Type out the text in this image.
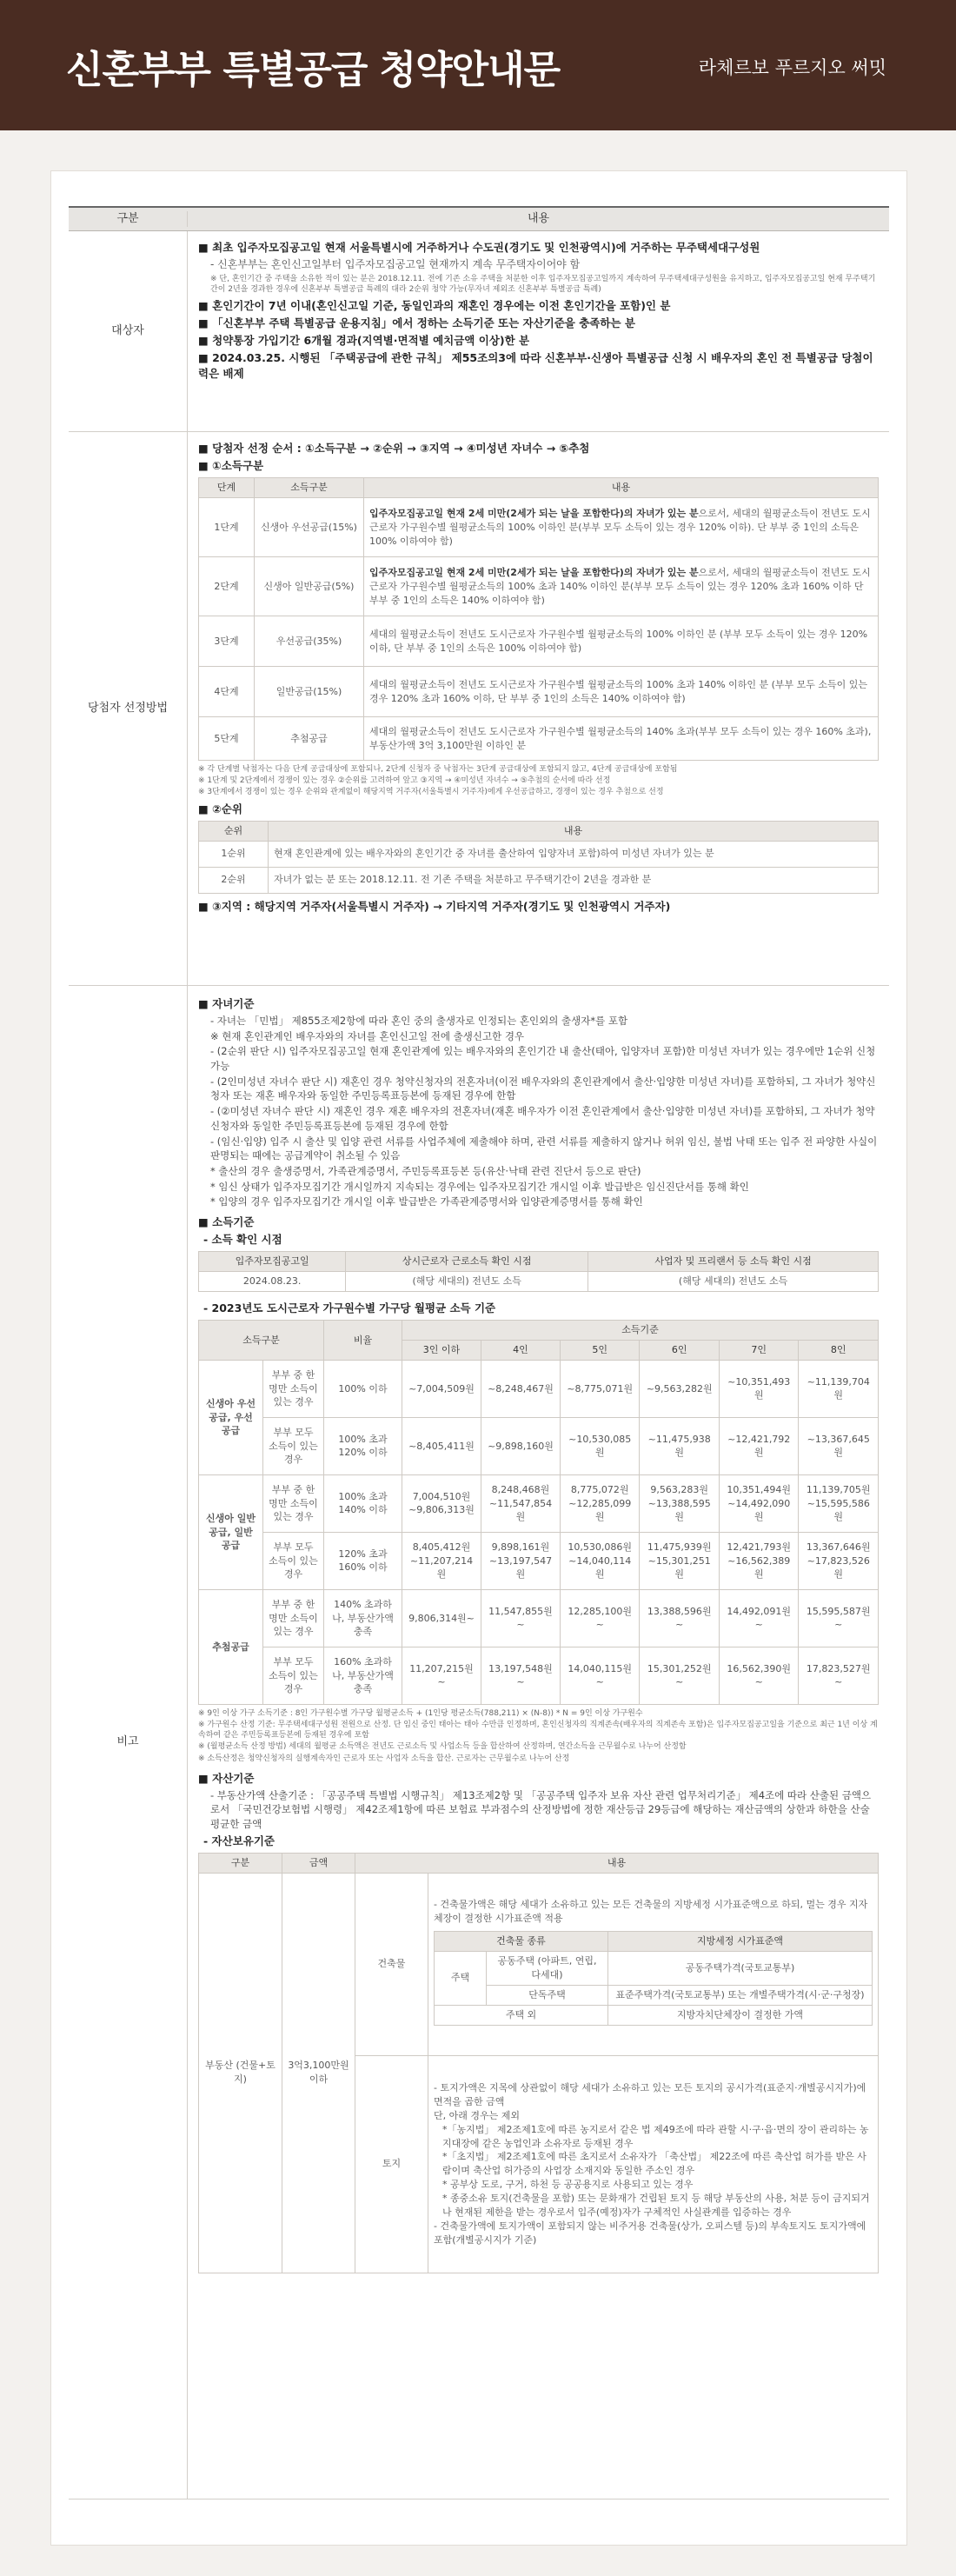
신혼부부 특별공급 청약안내문	라체르보 푸르지오 써밋
구분	내용
대상자
■ 최초 입주자모집공고일 현재 서울특별시에 거주하거나 수도권(경기도 및 인천광역시)에 거주하는 무주택세대구성원
- 신혼부부는 혼인신고일부터 입주자모집공고일 현재까지 계속 무주택자이어야 함
※ 단, 혼인기간 중 주택을 소유한 적이 있는 분은 2018.12.11. 전에 기존 소유 주택을 처분한 이후 입주자모집공고일까지 계속하여 무주택세대구성원을 유지하고, 입주자모집공고일 현재 무주택기간이 2년을 경과한 경우에 신혼부부 특별공급 특례의 대라 2순위 청약 가능(무자녀 제외조 신혼부부 특별공급 특례)
■ 혼인기간이 7년 이내(혼인신고일 기준, 동일인과의 재혼인 경우에는 이전 혼인기간을 포함)인 분
■ 「신혼부부 주택 특별공급 운용지침」에서 정하는 소득기준 또는 자산기준을 충족하는 분
■ 청약통장 가입기간 6개월 경과(지역별·면적별 예치금액 이상)한 분
■ 2024.03.25. 시행된 「주택공급에 관한 규칙」 제55조의3에 따라 신혼부부·신생아 특별공급 신청 시 배우자의 혼인 전 특별공급 당첨이력은 배제
당첨자 선정방법
■ 당첨자 선정 순서 : ①소득구분 → ②순위 → ③지역 → ④미성년 자녀수 → ⑤추첨
■ ①소득구분
단계	소득구분	내용
1단계	신생아 우선공급(15%)	입주자모집공고일 현재 2세 미만(2세가 되는 날을 포함한다)의 자녀가 있는 분으로서, 세대의 월평균소득이 전년도 도시근로자 가구원수별 월평균소득의 100% 이하인 분(부부 모두 소득이 있는 경우 120% 이하). 단 부부 중 1인의 소득은 100% 이하여야 함)
2단계	신생아 일반공급(5%)	입주자모집공고일 현재 2세 미만(2세가 되는 날을 포함한다)의 자녀가 있는 분으로서, 세대의 월평균소득이 전년도 도시근로자 가구원수별 월평균소득의 100% 초과 140% 이하인 분(부부 모두 소득이 있는 경우 120% 초과 160% 이하 단 부부 중 1인의 소득은 140% 이하여야 함)
3단계	우선공급(35%)	세대의 월평균소득이 전년도 도시근로자 가구원수별 월평균소득의 100% 이하인 분 (부부 모두 소득이 있는 경우 120% 이하, 단 부부 중 1인의 소득은 100% 이하여야 함)
4단계	일반공급(15%)	세대의 월평균소득이 전년도 도시근로자 가구원수별 월평균소득의 100% 초과 140% 이하인 분 (부부 모두 소득이 있는 경우 120% 초과 160% 이하, 단 부부 중 1인의 소득은 140% 이하여야 함)
5단계	추첨공급	세대의 월평균소득이 전년도 도시근로자 가구원수별 월평균소득의 140% 초과(부부 모두 소득이 있는 경우 160% 초과), 부동산가액 3억 3,100만원 이하인 분
※ 각 단계별 낙첨자는 다음 단계 공급대상에 포함되나, 2단계 신청자 중 낙첨자는 3단계 공급대상에 포함되지 않고, 4단계 공급대상에 포함됨
※ 1단계 및 2단계에서 경쟁이 있는 경우 ②순위를 고려하여 앞고 ③지역 → ④미성년 자녀수 → ⑤추첨의 순서에 따라 선정
※ 3단계에서 경쟁이 있는 경우 순위와 관계없이 해당지역 거주자(서울특별시 거주자)에게 우선공급하고, 경쟁이 있는 경우 추첨으로 선정
■ ②순위
순위	내용
1순위	현재 혼인관계에 있는 배우자와의 혼인기간 중 자녀를 출산하여 입양자녀 포함)하여 미성년 자녀가 있는 분
2순위	자녀가 없는 분 또는 2018.12.11. 전 기존 주택을 처분하고 무주택기간이 2년을 경과한 분
■ ③지역 : 해당지역 거주자(서울특별시 거주자) → 기타지역 거주자(경기도 및 인천광역시 거주자)
비고
■ 자녀기준
- 자녀는 「민법」 제855조제2항에 따라 혼인 중의 출생자로 인정되는 혼인외의 출생자*를 포함
※ 현재 혼인관계인 배우자와의 자녀를 혼인신고일 전에 출생신고한 경우
- (2순위 판단 시) 입주자모집공고일 현재 혼인관계에 있는 배우자와의 혼인기간 내 출산(태아, 입양자녀 포함)한 미성년 자녀가 있는 경우에만 1순위 신청가능
- (2인미성년 자녀수 판단 시) 재혼인 경우 청약신청자의 전혼자녀(이전 배우자와의 혼인관계에서 출산·입양한 미성년 자녀)를 포함하되, 그 자녀가 청약신청자 또는 재혼 배우자와 동일한 주민등록표등본에 등재된 경우에 한함
- (②미성년 자녀수 판단 시) 재혼인 경우 재혼 배우자의 전혼자녀(재혼 배우자가 이전 혼인관계에서 출산·입양한 미성년 자녀)를 포함하되, 그 자녀가 청약신청자와 동일한 주민등록표등본에 등재된 경우에 한함
- (임신·입양) 입주 시 출산 및 입양 관련 서류를 사업주체에 제출해야 하며, 관련 서류를 제출하지 않거나 허위 임신, 불법 낙태 또는 입주 전 파양한 사실이 판명되는 때에는 공급계약이 취소될 수 있음
* 출산의 경우 출생증명서, 가족관계증명서, 주민등록표등본 등(유산·낙태 관련 진단서 등으로 판단)
* 임신 상태가 입주자모집기간 개시일까지 지속되는 경우에는 입주자모집기간 개시일 이후 발급받은 임신진단서를 통해 확인
* 입양의 경우 입주자모집기간 개시일 이후 발급받은 가족관계증명서와 입양관계증명서를 통해 확인
■ 소득기준
- 소득 확인 시점
입주자모집공고일	상시근로자 근로소득 확인 시점	사업자 및 프리랜서 등 소득 확인 시점
2024.08.23.	(해당 세대의) 전년도 소득	(해당 세대의) 전년도 소득
- 2023년도 도시근로자 가구원수별 가구당 월평균 소득 기준
소득구분		비율	소득기준					
			3인 이하	4인	5인	6인	7인	8인
신생아 우선공급, 우선공급	부부 중 한 명만 소득이 있는 경우	100% 이하	~7,004,509원	~8,248,467원	~8,775,071원	~9,563,282원	~10,351,493원	~11,139,704원
	부부 모두 소득이 있는 경우	100% 초과 120% 이하	~8,405,411원	~9,898,160원	~10,530,085원	~11,475,938원	~12,421,792원	~13,367,645원
신생아 일반공급, 일반공급	부부 중 한 명만 소득이 있는 경우	100% 초과 140% 이하	7,004,510원 ~9,806,313원	8,248,468원 ~11,547,854원	8,775,072원 ~12,285,099원	9,563,283원 ~13,388,595원	10,351,494원 ~14,492,090원	11,139,705원 ~15,595,586원
	부부 모두 소득이 있는 경우	120% 초과 160% 이하	8,405,412원 ~11,207,214원	9,898,161원 ~13,197,547원	10,530,086원 ~14,040,114원	11,475,939원 ~15,301,251원	12,421,793원 ~16,562,389원	13,367,646원 ~17,823,526원
추첨공급	부부 중 한 명만 소득이 있는 경우	140% 초과하나, 부동산가액 충족	9,806,314원~	11,547,855원~	12,285,100원~	13,388,596원~	14,492,091원~	15,595,587원~
	부부 모두 소득이 있는 경우	160% 초과하나, 부동산가액 충족	11,207,215원~	13,197,548원~	14,040,115원~	15,301,252원~	16,562,390원~	17,823,527원~
※ 9인 이상 가구 소득기준 : 8인 가구원수별 가구당 월평균소득 + (1인당 평균소득(788,211) × (N-8)) * N = 9인 이상 가구원수
※ 가구원수 산정 기준: 무주택세대구성원 전원으로 산정. 단 임신 중인 태아는 태아 수만큼 인정하며, 혼인신청자의 직계존속(배우자의 직계존속 포함)은 입주자모집공고일을 기준으로 최근 1년 이상 계속하여 같은 주민등록표등본에 등재된 경우에 포함
※ (월평균소득 산정 방법) 세대의 월평균 소득액은 전년도 근로소득 및 사업소득 등을 합산하여 산정하며, 연간소득을 근무월수로 나누어 산정함
※ 소득산정은 청약신청자의 실행계속자인 근로자 또는 사업자 소득을 합산. 근로자는 근무월수로 나누어 산정
■ 자산기준
- 부동산가액 산출기준 : 「공공주택 특별법 시행규칙」 제13조제2항 및 「공공주택 입주자 보유 자산 관련 업무처리기준」 제4조에 따라 산출된 금액으로서 「국민건강보험법 시행령」 제42조제1항에 따른 보험료 부과점수의 산정방법에 정한 재산등급 29등급에 해당하는 재산금액의 상한과 하한을 산술평균한 금액
- 자산보유기준
구분	금액	내용
부동산 (건물+토지)	3억3,100만원 이하	건축물	
- 건축물가액은 해당 세대가 소유하고 있는 모든 건축물의 지방세정 시가표준액으로 하되, 멀는 경우 지자체장이 결정한 시가표준액 적용
건축물 종류	지방세정 시가표준액
주택	공동주택 (아파트, 연립, 다세대)	공동주택가격(국토교통부)
단독주택	표준주택가격(국토교통부) 또는 개별주택가격(시·군·구청장)
주택 외	지방자치단체장이 결정한 가액

토지	
- 토지가액은 지목에 상관없이 해당 세대가 소유하고 있는 모든 토지의 공시가격(표준지·개별공시지가)에 면적을 곱한 금액
단, 아래 경우는 제외
*「농지법」 제2조제1호에 따른 농지로서 같은 법 제49조에 따라 관할 시·구·읍·면의 장이 관리하는 농지대장에 같은 농업인과 소유자로 등재된 경우
*「초지법」 제2조제1호에 따른 초지로서 소유자가 「축산법」 제22조에 따른 축산업 허가를 받은 사람이며 축산업 허가증의 사업장 소재지와 동일한 주소인 경우
* 공부상 도로, 구거, 하천 등 공공용지로 사용되고 있는 경우
* 종중소유 토지(건축물을 포함) 또는 문화재가 건립된 토지 등 해당 부동산의 사용, 처분 등이 금지되거나 현재된 제한을 받는 경우로서 입주(예정)자가 구체적인 사실관계를 입증하는 경우
- 건축물가액에 토지가액이 포함되지 않는 비주거용 건축물(상가, 오피스텔 등)의 부속토지도 토지가액에 포함(개별공시지가 기준)
